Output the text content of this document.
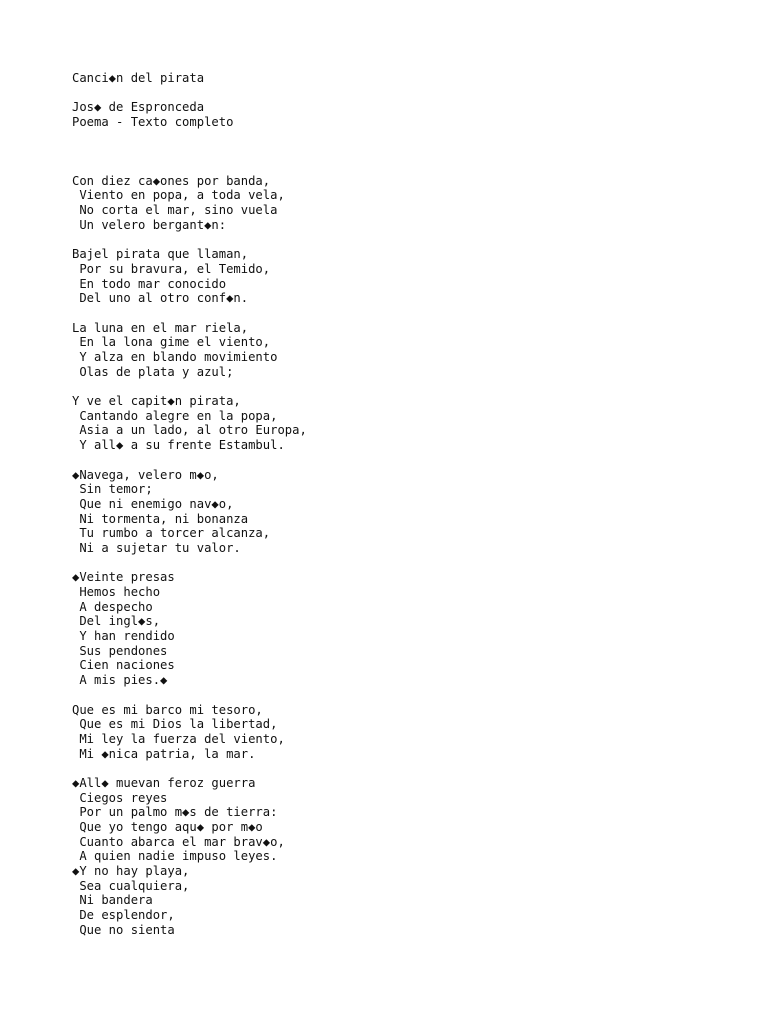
Canci◆n del pirata
Jos◆ de Espronceda
Poema - Texto completo
Con diez ca◆ones por banda,
Viento en popa, a toda vela,
No corta el mar, sino vuela
Un velero bergant◆n:
Bajel pirata que llaman,
Por su bravura, el Temido,
En todo mar conocido
Del uno al otro conf◆n.
La luna en el mar riela,
En la lona gime el viento,
Y alza en blando movimiento
Olas de plata y azul;
Y ve el capit◆n pirata,
Cantando alegre en la popa,
Asia a un lado, al otro Europa,
Y all◆ a su frente Estambul.
◆Navega, velero m◆o,
Sin temor;
Que ni enemigo nav◆o,
Ni tormenta, ni bonanza
Tu rumbo a torcer alcanza,
Ni a sujetar tu valor.
◆Veinte presas
Hemos hecho
A despecho
Del ingl◆s,
Y han rendido
Sus pendones
Cien naciones
A mis pies.◆
Que es mi barco mi tesoro,
Que es mi Dios la libertad,
Mi ley la fuerza del viento,
Mi ◆nica patria, la mar.
◆All◆ muevan feroz guerra
Ciegos reyes
Por un palmo m◆s de tierra:
Que yo tengo aqu◆ por m◆o
Cuanto abarca el mar brav◆o,
A quien nadie impuso leyes.
◆Y no hay playa,
Sea cualquiera,
Ni bandera
De esplendor,
Que no sienta
